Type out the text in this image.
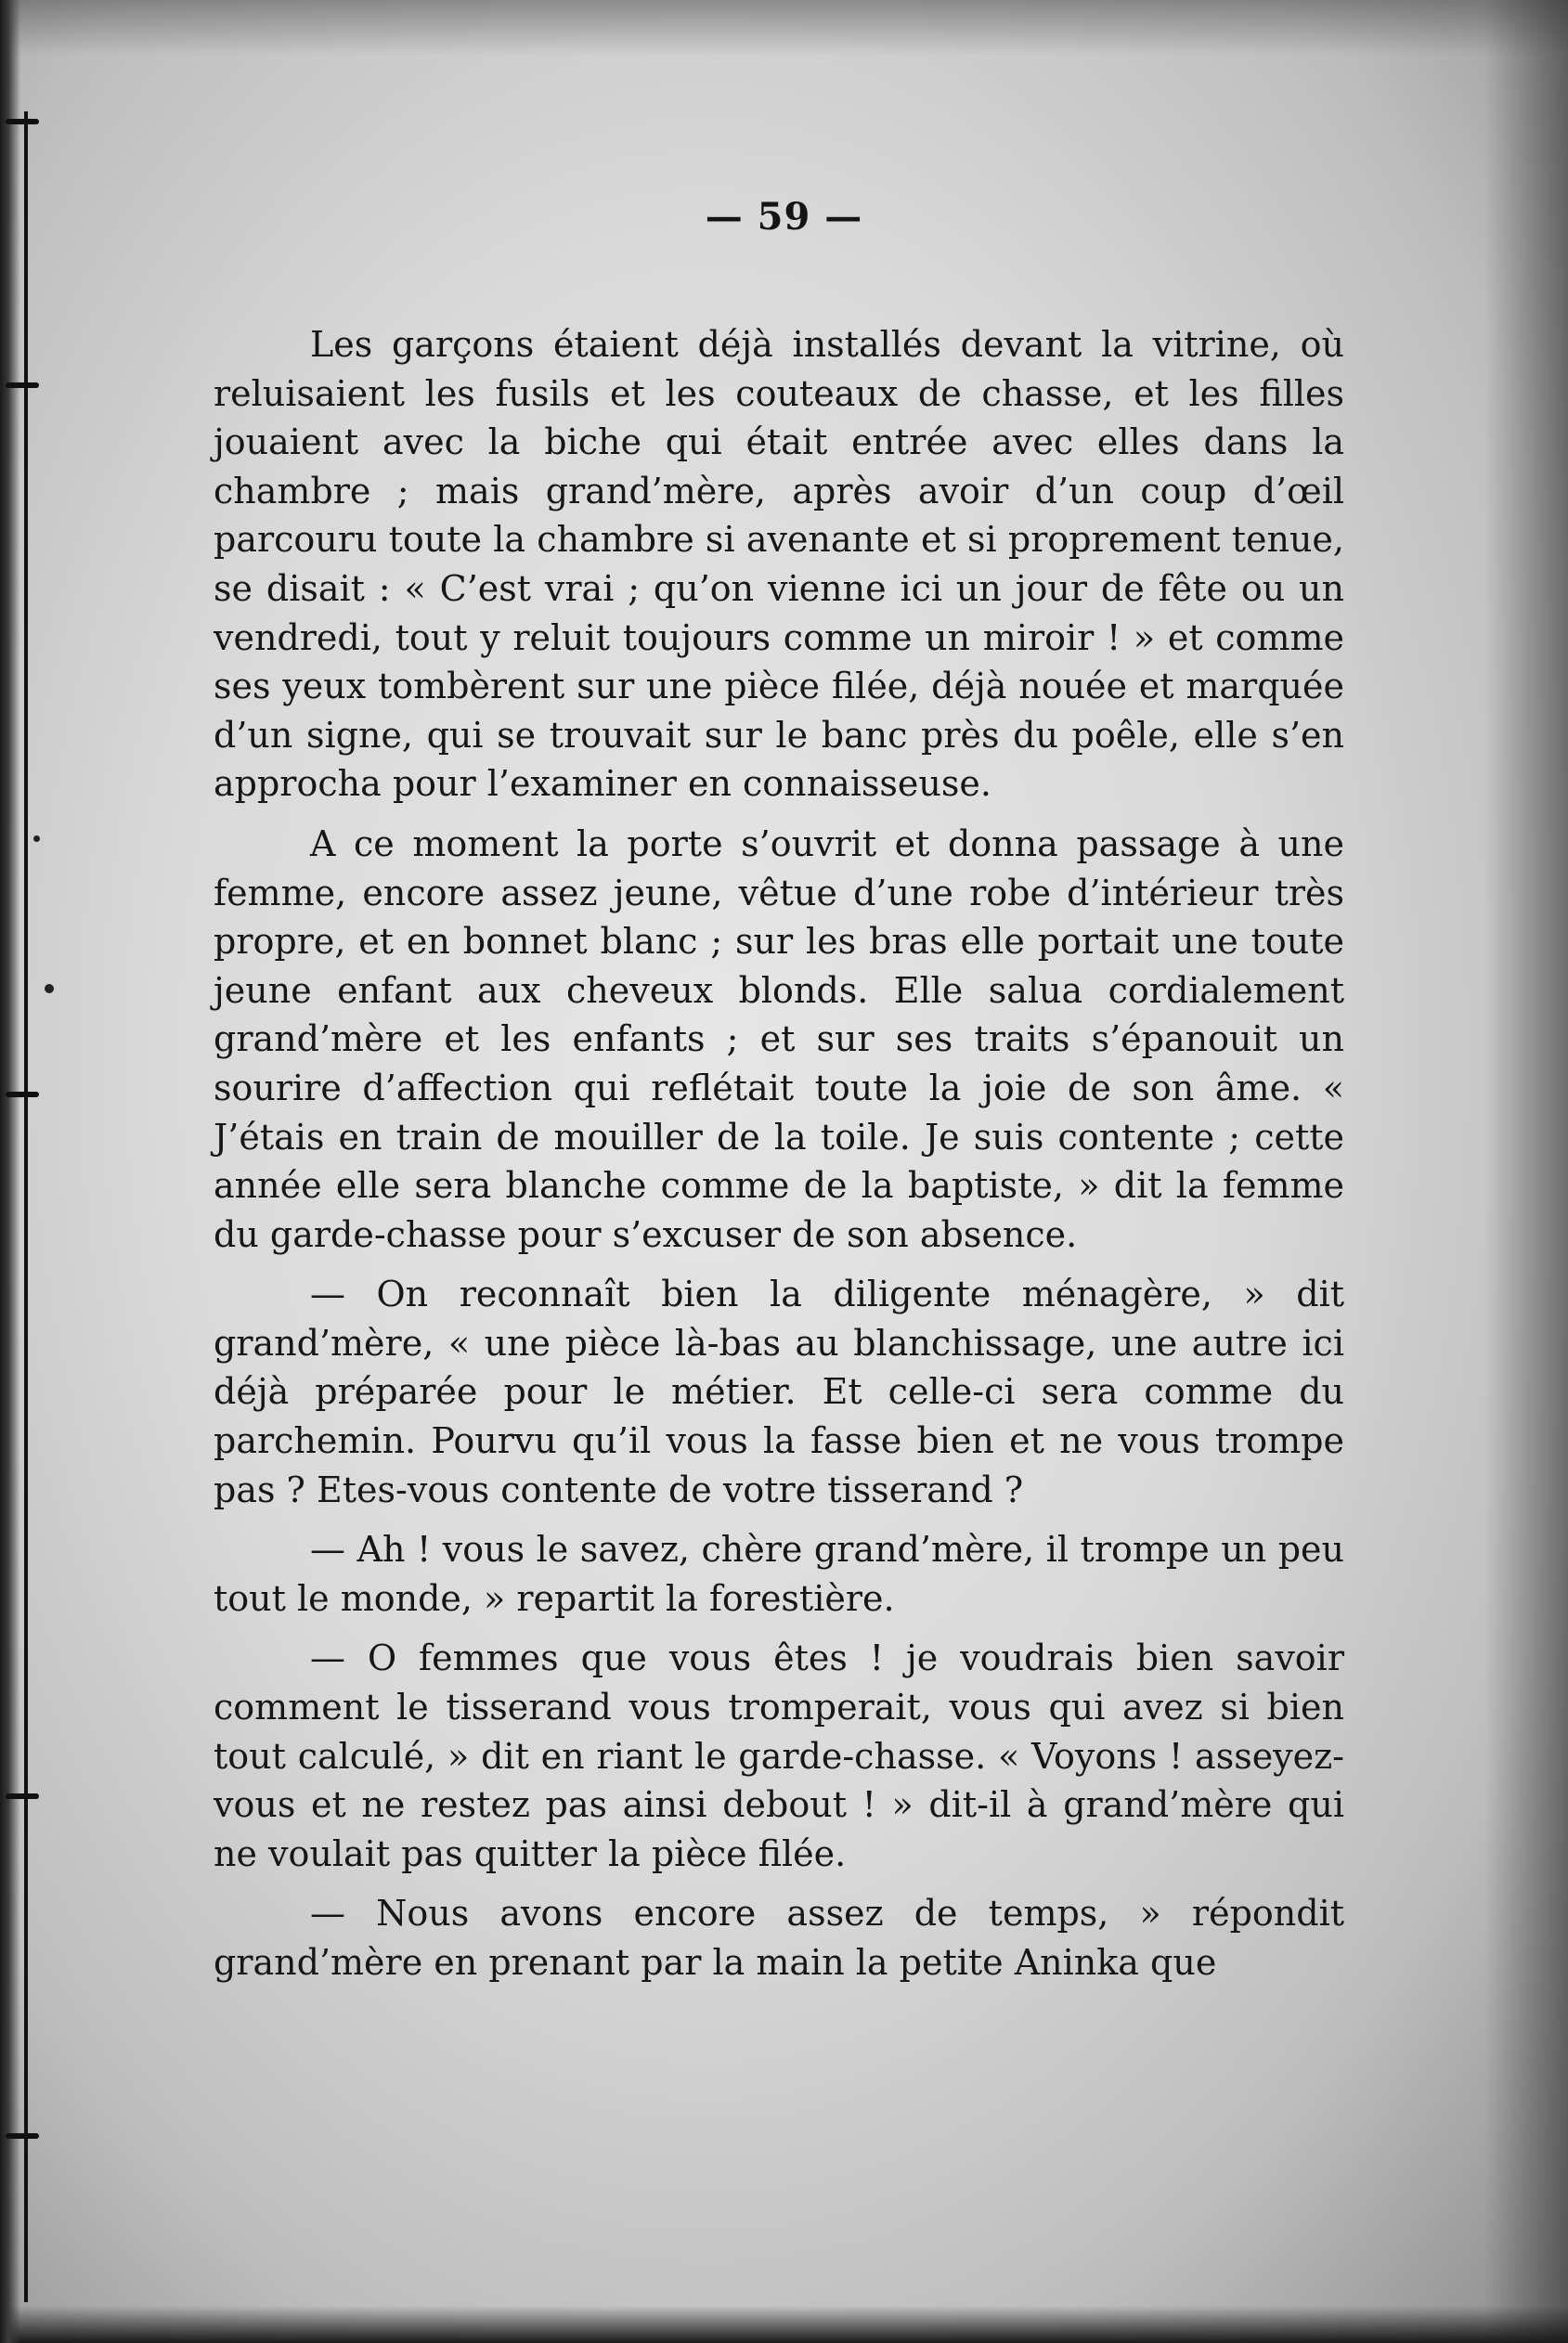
— 59 —

Les garçons étaient déjà installés devant la vitrine, où reluisaient les fusils et les couteaux de chasse, et les filles jouaient avec la biche qui était entrée avec elles dans la chambre ; mais grand’mère, après avoir d’un coup d’œil parcouru toute la chambre si avenante et si proprement tenue, se disait : « C’est vrai ; qu’on vienne ici un jour de fête ou un vendredi, tout y reluit toujours comme un miroir ! » et comme ses yeux tombèrent sur une pièce filée, déjà nouée et marquée d’un signe, qui se trouvait sur le banc près du poêle, elle s’en approcha pour l’examiner en connaisseuse.

A ce moment la porte s’ouvrit et donna passage à une femme, encore assez jeune, vêtue d’une robe d’intérieur très propre, et en bonnet blanc ; sur les bras elle portait une toute jeune enfant aux cheveux blonds. Elle salua cordialement grand’mère et les enfants ; et sur ses traits s’épanouit un sourire d’affection qui reflétait toute la joie de son âme. « J’étais en train de mouiller de la toile. Je suis contente ; cette année elle sera blanche comme de la baptiste, » dit la femme du garde-chasse pour s’excuser de son absence.

— On reconnaît bien la diligente ménagère, » dit grand’mère, « une pièce là-bas au blanchissage, une autre ici déjà préparée pour le métier. Et celle-ci sera comme du parchemin. Pourvu qu’il vous la fasse bien et ne vous trompe pas ? Etes-vous contente de votre tisserand ?

— Ah ! vous le savez, chère grand’mère, il trompe un peu tout le monde, » repartit la forestière.

— O femmes que vous êtes ! je voudrais bien savoir comment le tisserand vous tromperait, vous qui avez si bien tout calculé, » dit en riant le garde-chasse. « Voyons ! asseyez-vous et ne restez pas ainsi debout ! » dit-il à grand’mère qui ne voulait pas quitter la pièce filée.

— Nous avons encore assez de temps, » répondit grand’mère en prenant par la main la petite Aninka que
